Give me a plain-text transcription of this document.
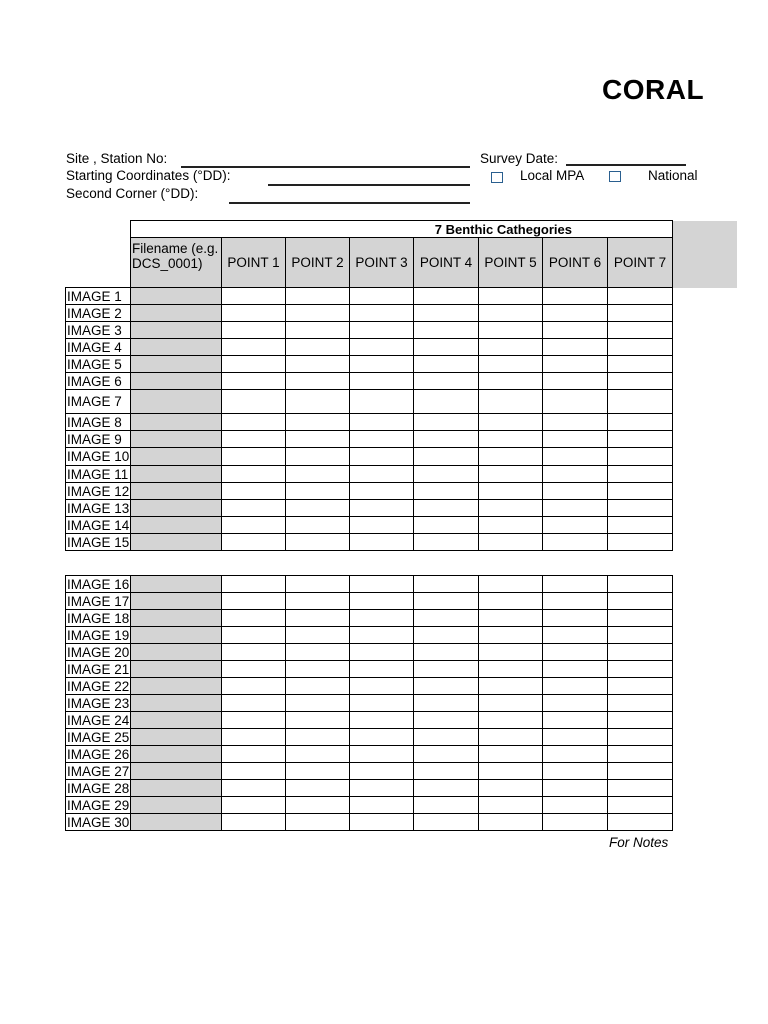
CORAL
Site , Station No:
Starting Coordinates (°DD):
Second Corner (°DD):
Survey Date:
Local MPA	National
	7 Benthic Cathegories							
	Filename (e.g. DCS_0001)	POINT 1	POINT 2	POINT 3	POINT 4	POINT 5	POINT 6	POINT 7
IMAGE 1								
IMAGE 2								
IMAGE 3								
IMAGE 4								
IMAGE 5								
IMAGE 6								
IMAGE 7								
IMAGE 8								
IMAGE 9								
IMAGE 10								
IMAGE 11								
IMAGE 12								
IMAGE 13								
IMAGE 14								
IMAGE 15								
IMAGE 16								
IMAGE 17								
IMAGE 18								
IMAGE 19								
IMAGE 20								
IMAGE 21								
IMAGE 22								
IMAGE 23								
IMAGE 24								
IMAGE 25								
IMAGE 26								
IMAGE 27								
IMAGE 28								
IMAGE 29								
IMAGE 30								
For Notes
